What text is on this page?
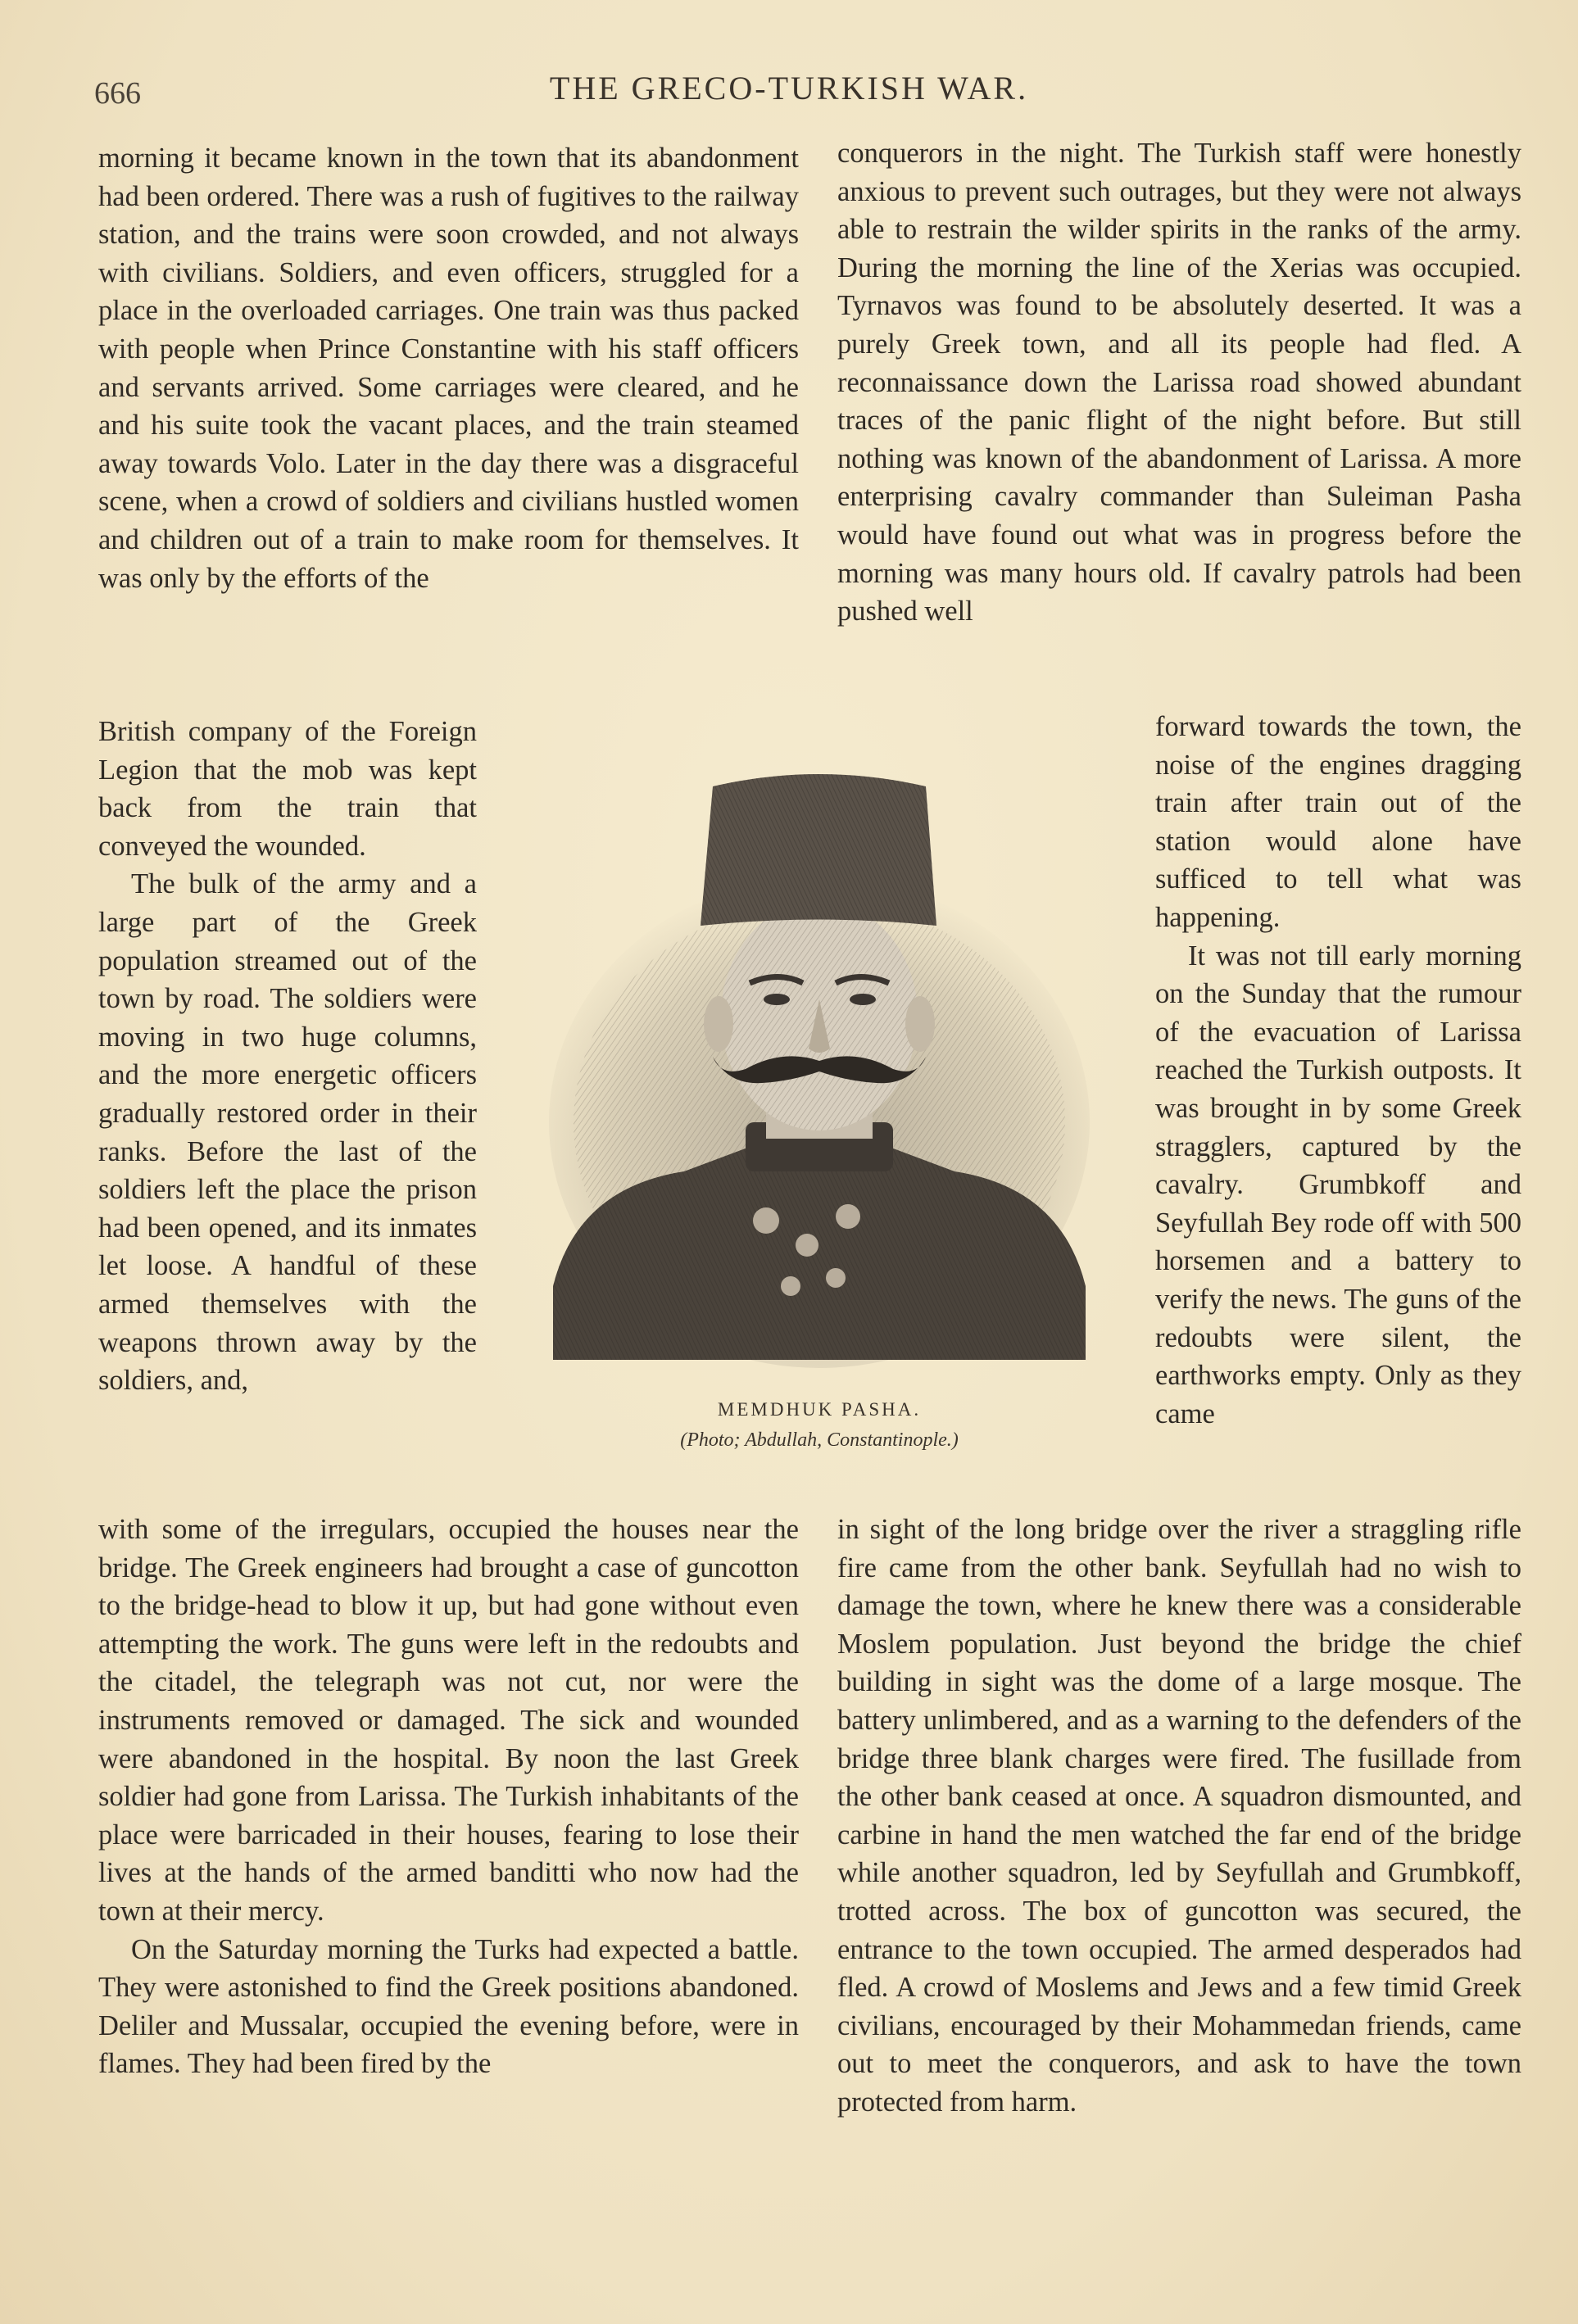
666	THE GRECO-TURKISH WAR.

morning it became known in the town that its abandonment had been ordered. There was a rush of fugitives to the railway station, and the trains were soon crowded, and not always with civilians. Soldiers, and even officers, struggled for a place in the overloaded carriages. One train was thus packed with people when Prince Constantine with his staff officers and servants arrived. Some carriages were cleared, and he and his suite took the vacant places, and the train steamed away towards Volo. Later in the day there was a disgraceful scene, when a crowd of soldiers and civilians hustled women and children out of a train to make room for themselves. It was only by the efforts of the

British company of the Foreign Legion that the mob was kept back from the train that conveyed the wounded.

The bulk of the army and a large part of the Greek population streamed out of the town by road. The soldiers were moving in two huge columns, and the more energetic officers gradually restored order in their ranks. Before the last of the soldiers left the place the prison had been opened, and its inmates let loose. A handful of these armed themselves with the weapons thrown away by the soldiers, and,

with some of the irregulars, occupied the houses near the bridge. The Greek engineers had brought a case of guncotton to the bridge-head to blow it up, but had gone without even attempting the work. The guns were left in the redoubts and the citadel, the telegraph was not cut, nor were the instruments removed or damaged. The sick and wounded were abandoned in the hospital. By noon the last Greek soldier had gone from Larissa. The Turkish inhabitants of the place were barricaded in their houses, fearing to lose their lives at the hands of the armed banditti who now had the town at their mercy.

On the Saturday morning the Turks had expected a battle. They were astonished to find the Greek positions abandoned. Deliler and Mussalar, occupied the evening before, were in flames. They had been fired by the

conquerors in the night. The Turkish staff were honestly anxious to prevent such outrages, but they were not always able to restrain the wilder spirits in the ranks of the army. During the morning the line of the Xerias was occupied. Tyrnavos was found to be absolutely deserted. It was a purely Greek town, and all its people had fled. A reconnaissance down the Larissa road showed abundant traces of the panic flight of the night before. But still nothing was known of the abandonment of Larissa. A more enterprising cavalry commander than Suleiman Pasha would have found out what was in progress before the morning was many hours old. If cavalry patrols had been pushed well

forward towards the town, the noise of the engines dragging train after train out of the station would alone have sufficed to tell what was happening.

It was not till early morning on the Sunday that the rumour of the evacuation of Larissa reached the Turkish outposts. It was brought in by some Greek stragglers, captured by the cavalry. Grumbkoff and Seyfullah Bey rode off with 500 horsemen and a battery to verify the news. The guns of the redoubts were silent, the earthworks empty. Only as they came

in sight of the long bridge over the river a straggling rifle fire came from the other bank. Seyfullah had no wish to damage the town, where he knew there was a considerable Moslem population. Just beyond the bridge the chief building in sight was the dome of a large mosque. The battery unlimbered, and as a warning to the defenders of the bridge three blank charges were fired. The fusillade from the other bank ceased at once. A squadron dismounted, and carbine in hand the men watched the far end of the bridge while another squadron, led by Seyfullah and Grumbkoff, trotted across. The box of guncotton was secured, the entrance to the town occupied. The armed desperados had fled. A crowd of Moslems and Jews and a few timid Greek civilians, encouraged by their Mohammedan friends, came out to meet the conquerors, and ask to have the town protected from harm.

MEMDHUK PASHA.
(Photo; Abdullah, Constantinople.)
